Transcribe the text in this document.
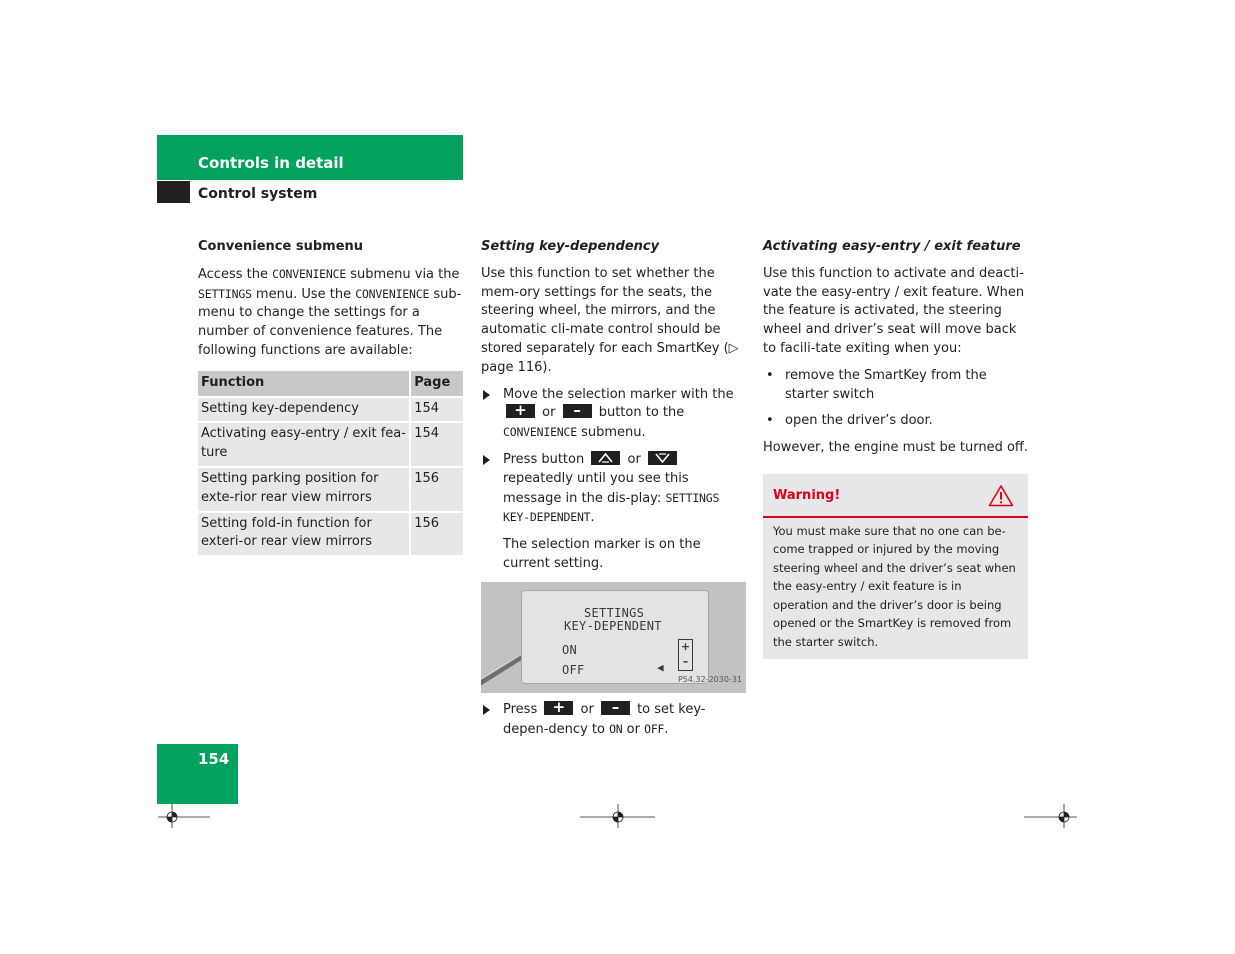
Controls in detail
Control system
Convenience submenu

Access the CONVENIENCE submenu via the SETTINGS menu. Use the CONVENIENCE sub-menu to change the settings for a number of convenience features. The following functions are available:

Function	Page
Setting key-dependency	154
Activating easy-entry / exit fea-ture	154
Setting parking position for exte-rior rear view mirrors	156
Setting fold-in function for exteri-or rear view mirrors	156
Setting key-dependency

Use this function to set whether the mem-ory settings for the seats, the steering wheel, the mirrors, and the automatic cli-mate control should be stored separately for each SmartKey (▷ page 116).

Move the selection marker with the
+ or –	button to the CONVENIENCE submenu.
Press button	or
repeatedly until you see this message in the dis-play: SETTINGS KEY-DEPENDENT.
The selection marker is on the current setting.
SETTINGS
KEY-DEPENDENT
ON
OFF	◀
+
–
P54.32-2030-31
Press + or –	to set key-depen-dency to ON or OFF.
Activating easy-entry / exit feature

Use this function to activate and deacti-vate the easy-entry / exit feature. When the feature is activated, the steering wheel and driver’s seat will move back to facili-tate exiting when you:

• remove the SmartKey from the starter switch
• open the driver’s door.

However, the engine must be turned off.

Warning!
You must make sure that no one can be-come trapped or injured by the moving steering wheel and the driver’s seat when the easy-entry / exit feature is in operation and the driver’s door is being opened or the SmartKey is removed from the starter switch.
154
